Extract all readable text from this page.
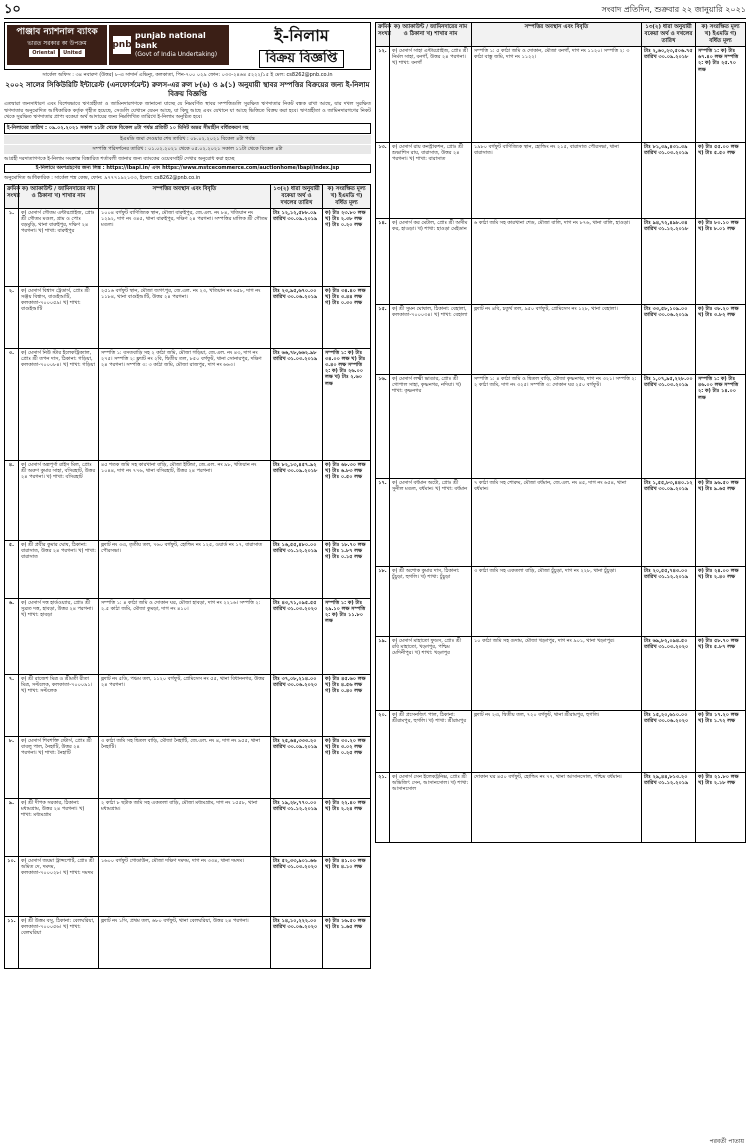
১০	সংবাদ প্রতিদিন, শুক্রবার ২২ জানুয়ারি ২০২১
পাঞ্জাব ন্যাশনাল ব্যাংক
ভারত সরকার কা উপক্রম
Oriental	United
pnb
punjab national bank
(Govt of India Undertaking)
ই-নিলাম
বিক্রয় বিজ্ঞপ্তি
সার্কেল অফিস : ৩৪ নবারুণ (উত্তর) ৮-এ সাদার্ন এভিন্যু, কলকাতা, পিন-৭০০ ০২৯ ফোন: ০৩৩-২৪৬৪ ৫২২২/১৫ ই মেল: cs8262@pnb.co.in
২০০২ সালের সিকিউরিটি ইন্টারেস্ট (এনফোর্সমেন্ট) রুলস-এর রুল ৮(৬) ও ৯(১) অনুযায়ী স্থাবর সম্পত্তির বিক্রয়ের জন্য ই-নিলাম বিক্রয় বিজ্ঞপ্তি
এতদ্বারা জনসাধারণ এবং বিশেষভাবে ঋণগ্রহীতা ও জামিনদারগণকে জানানো যাচ্ছে যে নিম্নবর্ণিত স্থাবর সম্পত্তিগুলি সুরক্ষিত ঋণদাতার নিকট বন্ধক রাখা আছে, যার দখল সুরক্ষিত ঋণদাতার অনুমোদিত আধিকারিক কর্তৃক গৃহীত হয়েছে, সেগুলি যেখানে যেমন আছে, যা কিছু আছে এবং যেখানে যা আছে ভিত্তিতে বিক্রয় করা হবে। ঋণগ্রহীতা ও জামিনদারগণের নিকট থেকে সুরক্ষিত ঋণদাতার প্রাপ্য বকেয়া অর্থ আদায়ের জন্য নিম্নলিখিত তারিখে ই-নিলাম অনুষ্ঠিত হবে।
ই-নিলামের তারিখ : ০৯.০২.২০২১ সকাল ১১টা থেকে বিকেল ৪টা পর্যন্ত প্রতিটি ১০ মিনিট অন্তর সীমাহীন বর্ধিতকরণ সহ
ইএমডি জমা দেওয়ার শেষ তারিখ : ০৮.০২.২০২১ বিকেল ৪টা পর্যন্ত
সম্পত্তি পরিদর্শনের তারিখ : ০১.০২.২০২১ থেকে ০৫.০২.২০২১ সকাল ১১টা থেকে বিকেল ৪টা
আগ্রহী দরদাতাগণকে ই-নিলাম সংক্রান্ত বিস্তারিত শর্তাবলী জানার জন্য ব্যাংকের ওয়েবসাইট দেখার অনুরোধ করা হচ্ছে
ই-নিলামে অংশগ্রহণের জন্য লিঙ্ক : https://ibapi.in/ এবং https://www.mstcecommerce.com/auctionhome/ibapi/index.jsp
অনুমোদিত আধিকারিক : সার্কেল শস্ত্র কেন্দ্র, ফোন: ৯৭৭৭১৯২১৩৩, ইমেল: cs8262@pnb.co.in
ক্রমিক সংখ্যা	ক) অ্যাকাউন্ট / জামিনদারের নাম ও ঠিকানা খ) শাখার নাম	সম্পত্তির অবস্থান এবং বিবৃতি	১৩(২) ধারা অনুযায়ী বকেয়া অর্থ ও দখলের তারিখ	ক) সংরক্ষিত মূল্য খ) ইএমডি গ) বর্ধিত মূল্য
১.	ক) মেসার্স গৌতম এন্টারপ্রাইজ, প্রোঃ শ্রী গৌতম মণ্ডল, গ্রাম ও পোঃ বড়মুড়ি, থানা বারুইপুর, দক্ষিণ ২৪ পরগনা। খ) শাখা: বারুইপুর	১০০৪ বর্গফুট বাণিজ্যিক স্থান, মৌজা বারুইপুর, জে.এল. নং ৮৪, খতিয়ান নং ১২৯২, দাগ নং ৩৪৫, থানা বারুইপুর, দক্ষিণ ২৪ পরগনা। সম্পত্তির মালিক শ্রী গৌতম মণ্ডল।	টাঃ ১২,১২,৫৮৮.০৯ তারিখ ৩০.০৯.২০১৯	ক) টাঃ ২৩.৮০ লক্ষ খ) টাঃ ২.৩৮ লক্ষ গ) টাঃ ০.২০ লক্ষ
২.	ক) মেসার্স বিশ্বাস ট্রেডার্স, প্রোঃ শ্রী সঞ্জয় বিশ্বাস, বাগুইআটি, কলকাতা-৭০০০৫৯। খ) শাখা: বাগুইআটি	২৫১৬ বর্গফুট স্থান, মৌজা জগৎপুর, জে.এল. নং ২৩, খতিয়ান নং ৬৫৮, দাগ নং ১১৮৪, থানা বাগুইআটি, উত্তর ২৪ পরগনা।	টাঃ ২৩,৯৫,৬৭০.০০ তারিখ ৩০.০৬.২০১৯	ক) টাঃ ৩৪.৪০ লক্ষ খ) টাঃ ৩.৪৪ লক্ষ গ) টাঃ ০.৩০ লক্ষ
৩.	ক) মেসার্স নিউ স্টার ইলেকট্রিক্যাল, প্রোঃ শ্রী তপন দাস, ঠিকানা: গড়িয়া, কলকাতা-৭০০০৮৪। খ) শাখা: গড়িয়া	সম্পত্তি ১: বসতবাড়ি সহ ২ কাঠা জমি, মৌজা গড়িয়া, জে.এল. নং ৪৩, দাগ নং ২৭৫। সম্পত্তি ২: ফ্ল্যাট নং ২বি, দ্বিতীয় তল, ৮৫০ বর্গফুট, থানা সোনারপুর, দক্ষিণ ২৪ পরগনা। সম্পত্তি ৩: ৩ কাঠা জমি, মৌজা রাজপুর, দাগ নং ৬৬৩।	টাঃ ৬৬,৭৮,৬৬২.৯৮ তারিখ ৩১.০৩.২০১৯	সম্পত্তি ১: ক) টাঃ ৩৪.০০ লক্ষ খ) টাঃ ৩.৪০ লক্ষ সম্পত্তি ২: ক) টাঃ ২৬.০০ লক্ষ খ) টাঃ ২.৬০ লক্ষ
৪.	ক) মেসার্স অন্নপূর্ণা রাইস মিল, প্রোঃ শ্রী অরুণ কুমার সাহা, বসিরহাট, উত্তর ২৪ পরগনা। খ) শাখা: বসিরহাট	৪৫ শতক জমি সহ কারখানা বাড়ি, মৌজা ইটিন্ডা, জে.এল. নং ৯৮, খতিয়ান নং ১০৪৪, দাগ নং ৭৭৬, থানা বসিরহাট, উত্তর ২৪ পরগনা।	টাঃ ৮২,১৩,৪৫৭.৯২ তারিখ ৩০.০৯.২০১৮	ক) টাঃ ৬৮.৩০ লক্ষ খ) টাঃ ৬.৮৩ লক্ষ গ) টাঃ ০.৫০ লক্ষ
৫.	ক) শ্রী প্রবীর কুমার ঘোষ, ঠিকানা: বারাসাত, উত্তর ২৪ পরগনা। খ) শাখা: বারাসাত	ফ্ল্যাট নং ৩এ, তৃতীয় তল, ৭৬০ বর্গফুট, হোল্ডিং নং ১২৫, ওয়ার্ড নং ১৭, বারাসাত পৌরসভা।	টাঃ ১৬,৫৫,৪৮০.০০ তারিখ ৩১.১২.২০১৯	ক) টাঃ ১৮.৭০ লক্ষ খ) টাঃ ১.৮৭ লক্ষ গ) টাঃ ০.১৫ লক্ষ
৬.	ক) মেসার্স দত্ত হার্ডওয়্যার, প্রোঃ শ্রী সুব্রত দত্ত, হাবড়া, উত্তর ২৪ পরগনা। খ) শাখা: হাবড়া	সম্পত্তি ১: ৪ কাঠা জমি ও দোকান ঘর, মৌজা হাবড়া, দাগ নং ২২১৬। সম্পত্তি ২: ২.৫ কাঠা জমি, মৌজা কুমড়া, দাগ নং ৪১০।	টাঃ ৪৩,৭১,০৯৫.৫৫ তারিখ ৩১.০৩.২০২০	সম্পত্তি ১: ক) টাঃ ২৯.১০ লক্ষ সম্পত্তি ২: ক) টাঃ ১১.৮০ লক্ষ
৭.	ক) শ্রী রাজেশ মিত্র ও শ্রীমতী রীতা মিত্র, সল্টলেক, কলকাতা-৭০০০৯১। খ) শাখা: সল্টলেক	ফ্ল্যাট নং ৫ডি, পঞ্চম তল, ১১২০ বর্গফুট, প্রেমিসেস নং ৫৫, থানা বিধাননগর, উত্তর ২৪ পরগনা।	টাঃ ৩৭,০৮,২১৪.০০ তারিখ ৩০.০৬.২০২০	ক) টাঃ ৪৫.৬০ লক্ষ খ) টাঃ ৪.৫৬ লক্ষ গ) টাঃ ০.৪০ লক্ষ
৮.	ক) মেসার্স শিবশক্তি স্টোর্স, প্রোঃ শ্রী বাবলু পাল, নৈহাটি, উত্তর ২৪ পরগনা। খ) শাখা: নৈহাটি	৩ কাঠা জমি সহ দ্বিতল বাড়ি, মৌজা নৈহাটি, জে.এল. নং ৪, দাগ নং ৯৫৫, থানা নৈহাটি।	টাঃ ২৫,৬৪,৩৩৩.২০ তারিখ ৩০.০৯.২০১৯	ক) টাঃ ৩০.২০ লক্ষ খ) টাঃ ৩.০২ লক্ষ গ) টাঃ ০.২৫ লক্ষ
৯.	ক) শ্রী দীপক সরকার, ঠিকানা: মধ্যমগ্রাম, উত্তর ২৪ পরগনা। খ) শাখা: মধ্যমগ্রাম	২ কাঠা ৮ ছটাক জমি সহ একতলা বাড়ি, মৌজা মধ্যমগ্রাম, দাগ নং ১৫৫৮, থানা মধ্যমগ্রাম।	টাঃ ১৯,২৮,৭৭০.০০ তারিখ ৩১.১২.২০১৯	ক) টাঃ ২২.৪০ লক্ষ খ) টাঃ ২.২৪ লক্ষ
১০.	ক) মেসার্স জয়মা ট্রান্সপোর্ট, প্রোঃ শ্রী অমিত দে, দমদম, কলকাতা-৭০০০২৮। খ) শাখা: দমদম	১৬০০ বর্গফুট গোডাউন, মৌজা দক্ষিণ দমদম, দাগ নং ৩৩৪, থানা দমদম।	টাঃ ৫২,৩৩,৯০১.৬৬ তারিখ ৩১.০৩.২০২০	ক) টাঃ ৪১.০০ লক্ষ খ) টাঃ ৪.১০ লক্ষ
১১.	ক) শ্রী উত্তম বসু, ঠিকানা: বেলঘরিয়া, কলকাতা-৭০০০৫৬। খ) শাখা: বেলঘরিয়া	ফ্ল্যাট নং ১সি, প্রথম তল, ৬৮০ বর্গফুট, থানা বেলঘরিয়া, উত্তর ২৪ পরগনা।	টাঃ ১৪,১০,২২২.০০ তারিখ ৩০.০৬.২০২০	ক) টাঃ ১৬.৫০ লক্ষ খ) টাঃ ১.৬৫ লক্ষ
ক্রমিক সংখ্যা	ক) অ্যাকাউন্ট / জামিনদারের নাম ও ঠিকানা খ) শাখার নাম	সম্পত্তির অবস্থান এবং বিবৃতি	১৩(২) ধারা অনুযায়ী বকেয়া অর্থ ও দখলের তারিখ	ক) সংরক্ষিত মূল্য খ) ইএমডি গ) বর্ধিত মূল্য
১২.	ক) মেসার্স সাহা এন্টারপ্রাইজ, প্রোঃ শ্রী নির্মল সাহা, বনগাঁ, উত্তর ২৪ পরগনা। খ) শাখা: বনগাঁ	সম্পত্তি ১: ৫ কাঠা জমি ও দোকান, মৌজা বনগাঁ, দাগ নং ১১২০। সম্পত্তি ২: ৩ কাঠা বাস্তু জমি, দাগ নং ১১২২।	টাঃ ২,৬০,২৩,৫০৬.৭৫ তারিখ ৩০.০৯.২০১৮	সম্পত্তি ১: ক) টাঃ ৬৭.৪০ লক্ষ সম্পত্তি ২: ক) টাঃ ২৫.৭০ লক্ষ
১৩.	ক) মেসার্স রায় কনস্ট্রাকশন, প্রোঃ শ্রী শুভাশিস রায়, বারাসাত, উত্তর ২৪ পরগনা। খ) শাখা: বারাসাত	১৯৮০ বর্গফুট বাণিজ্যিক স্থান, হোল্ডিং নং ২১৫, বারাসাত পৌরসভা, থানা বারাসাত।	টাঃ ৮১,৩৯,৪৩১.৩৯ তারিখ ৩১.০৩.২০১৯	ক) টাঃ ৫৫.০০ লক্ষ খ) টাঃ ৫.৫০ লক্ষ
১৪.	ক) মেসার্স কর মেটাল, প্রোঃ শ্রী অসীম কর, হাওড়া। খ) শাখা: হাওড়া মেইডান	৬ কাঠা জমি সহ কারখানা শেড, মৌজা বালি, দাগ নং ৮৭৬, থানা বালি, হাওড়া।	টাঃ ৯৪,৭২,৪৯৮.৩৪ তারিখ ৩১.১২.২০১৮	ক) টাঃ ৮০.১০ লক্ষ খ) টাঃ ৮.০১ লক্ষ
১৫.	ক) শ্রী সুমন ঘোষাল, ঠিকানা: বেহালা, কলকাতা-৭০০০৩৪। খ) শাখা: বেহালা	ফ্ল্যাট নং ৪বি, চতুর্থ তল, ৯৫০ বর্গফুট, প্রেমিসেস নং ১২৮, থানা বেহালা।	টাঃ ৩৩,৫৮,১০৯.০০ তারিখ ৩০.০৬.২০১৯	ক) টাঃ ৩৮.২০ লক্ষ খ) টাঃ ৩.৮২ লক্ষ
১৬.	ক) মেসার্স লক্ষ্মী ভাণ্ডার, প্রোঃ শ্রী গোপাল সাহা, কৃষ্ণনগর, নদিয়া। খ) শাখা: কৃষ্ণনগর	সম্পত্তি ১: ৪ কাঠা জমি ও দ্বিতল বাড়ি, মৌজা কৃষ্ণনগর, দাগ নং ৩২১। সম্পত্তি ২: ২ কাঠা জমি, দাগ নং ৩২৫। সম্পত্তি ৩: দোকান ঘর ২৫০ বর্গফুট।	টাঃ ১,০৭,৯৫,২২৮.০০ তারিখ ৩১.০৩.২০১৯	সম্পত্তি ১: ক) টাঃ ৪৬.০০ লক্ষ সম্পত্তি ২: ক) টাঃ ১৪.০০ লক্ষ
১৭.	ক) মেসার্স বর্ধমান অটো, প্রোঃ শ্রী সুনীল মণ্ডল, বর্ধমান। খ) শাখা: বর্ধমান	৭ কাঠা জমি সহ শোরুম, মৌজা বর্ধমান, জে.এল. নং ৪৫, দাগ নং ৬৫৪, থানা বর্ধমান।	টাঃ ১,৫৫,৮৩,৪৪০.১২ তারিখ ৩০.০৯.২০১৯	ক) টাঃ ৯৬.৫০ লক্ষ খ) টাঃ ৯.৬৫ লক্ষ
১৮.	ক) শ্রী অশোক কুমার দাস, ঠিকানা: চুঁচুড়া, হুগলি। খ) শাখা: চুঁচুড়া	৩ কাঠা জমি সহ একতলা বাড়ি, মৌজা চুঁচুড়া, দাগ নং ২২৮, থানা চুঁচুড়া।	টাঃ ২০,৫৫,৭৪৩.০০ তারিখ ৩১.১২.২০১৯	ক) টাঃ ২৪.০০ লক্ষ খ) টাঃ ২.৪০ লক্ষ
১৯.	ক) মেসার্স মাহাতো ফুডস, প্রোঃ শ্রী রবি মাহাতো, খড়্গপুর, পশ্চিম মেদিনীপুর। খ) শাখা: খড়্গপুর	১০ কাঠা জমি সহ গুদাম, মৌজা খড়্গপুর, দাগ নং ৯০১, থানা খড়্গপুর।	টাঃ ৬৯,৮২,০৯৪.৫০ তারিখ ৩১.০৩.২০২০	ক) টাঃ ৫৮.৭০ লক্ষ খ) টাঃ ৫.৮৭ লক্ষ
২০.	ক) শ্রী প্রসেনজিৎ পাল, ঠিকানা: শ্রীরামপুর, হুগলি। খ) শাখা: শ্রীরামপুর	ফ্ল্যাট নং ২এ, দ্বিতীয় তল, ৭২০ বর্গফুট, থানা শ্রীরামপুর, হুগলি।	টাঃ ১৫,২০,৬১০.০০ তারিখ ৩০.০৬.২০২০	ক) টাঃ ১৭.২০ লক্ষ খ) টাঃ ১.৭২ লক্ষ
২১.	ক) মেসার্স সেন ইলেকট্রনিক্স, প্রোঃ শ্রী অভিজিৎ সেন, আসানসোল। খ) শাখা: আসানসোল	দোকান ঘর ৪৫০ বর্গফুট, হোল্ডিং নং ৭৭, থানা আসানসোল, পশ্চিম বর্ধমান।	টাঃ ২৯,৪৪,৮১৩.২০ তারিখ ৩১.১২.২০১৯	ক) টাঃ ২১.৮০ লক্ষ খ) টাঃ ২.১৮ লক্ষ
পরবর্তী পাতায়
